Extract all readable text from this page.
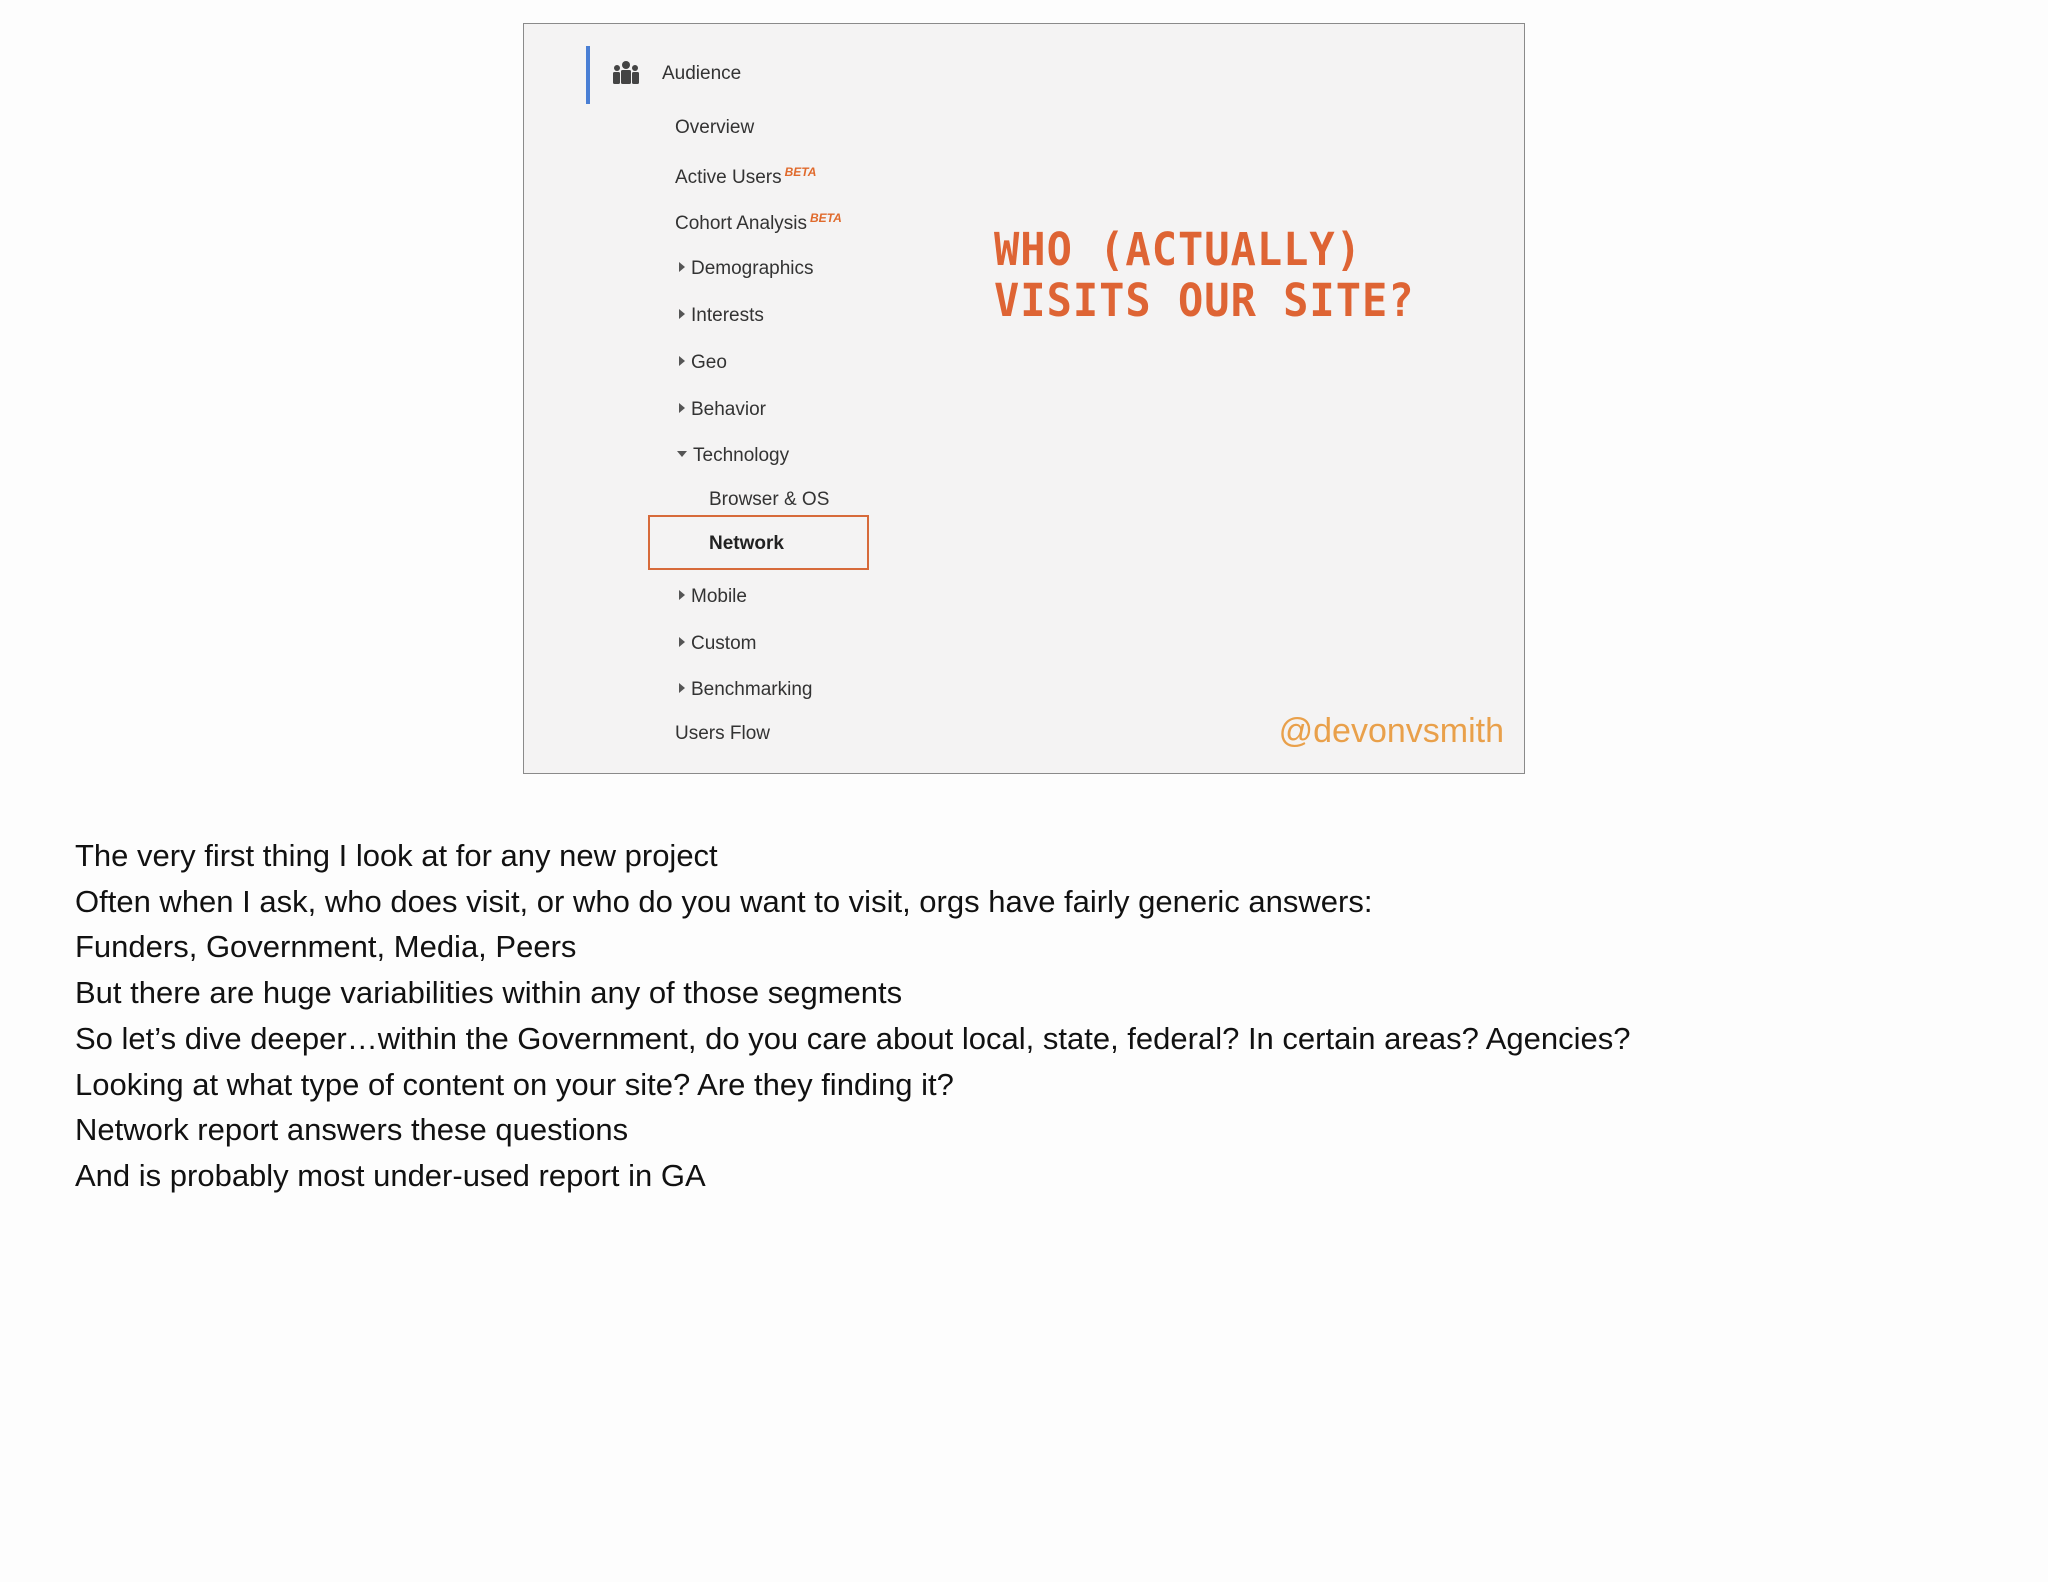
Audience
Overview
Active Users $^{BETA}$
Cohort Analysis $^{BETA}$
Demographics
Interests
Geo
Behavior
Technology
Browser & OS
Network
Mobile
Custom
Benchmarking
Users Flow
WHO (ACTUALLY)
VISITS OUR SITE?
@devonvsmith
The very first thing I look at for any new project
Often when I ask, who does visit, or who do you want to visit, orgs have fairly generic answers:
Funders, Government, Media, Peers
But there are huge variabilities within any of those segments
So let’s dive deeper…within the Government, do you care about local, state, federal? In certain areas? Agencies?
Looking at what type of content on your site? Are they finding it?
Network report answers these questions
And is probably most under-used report in GA
